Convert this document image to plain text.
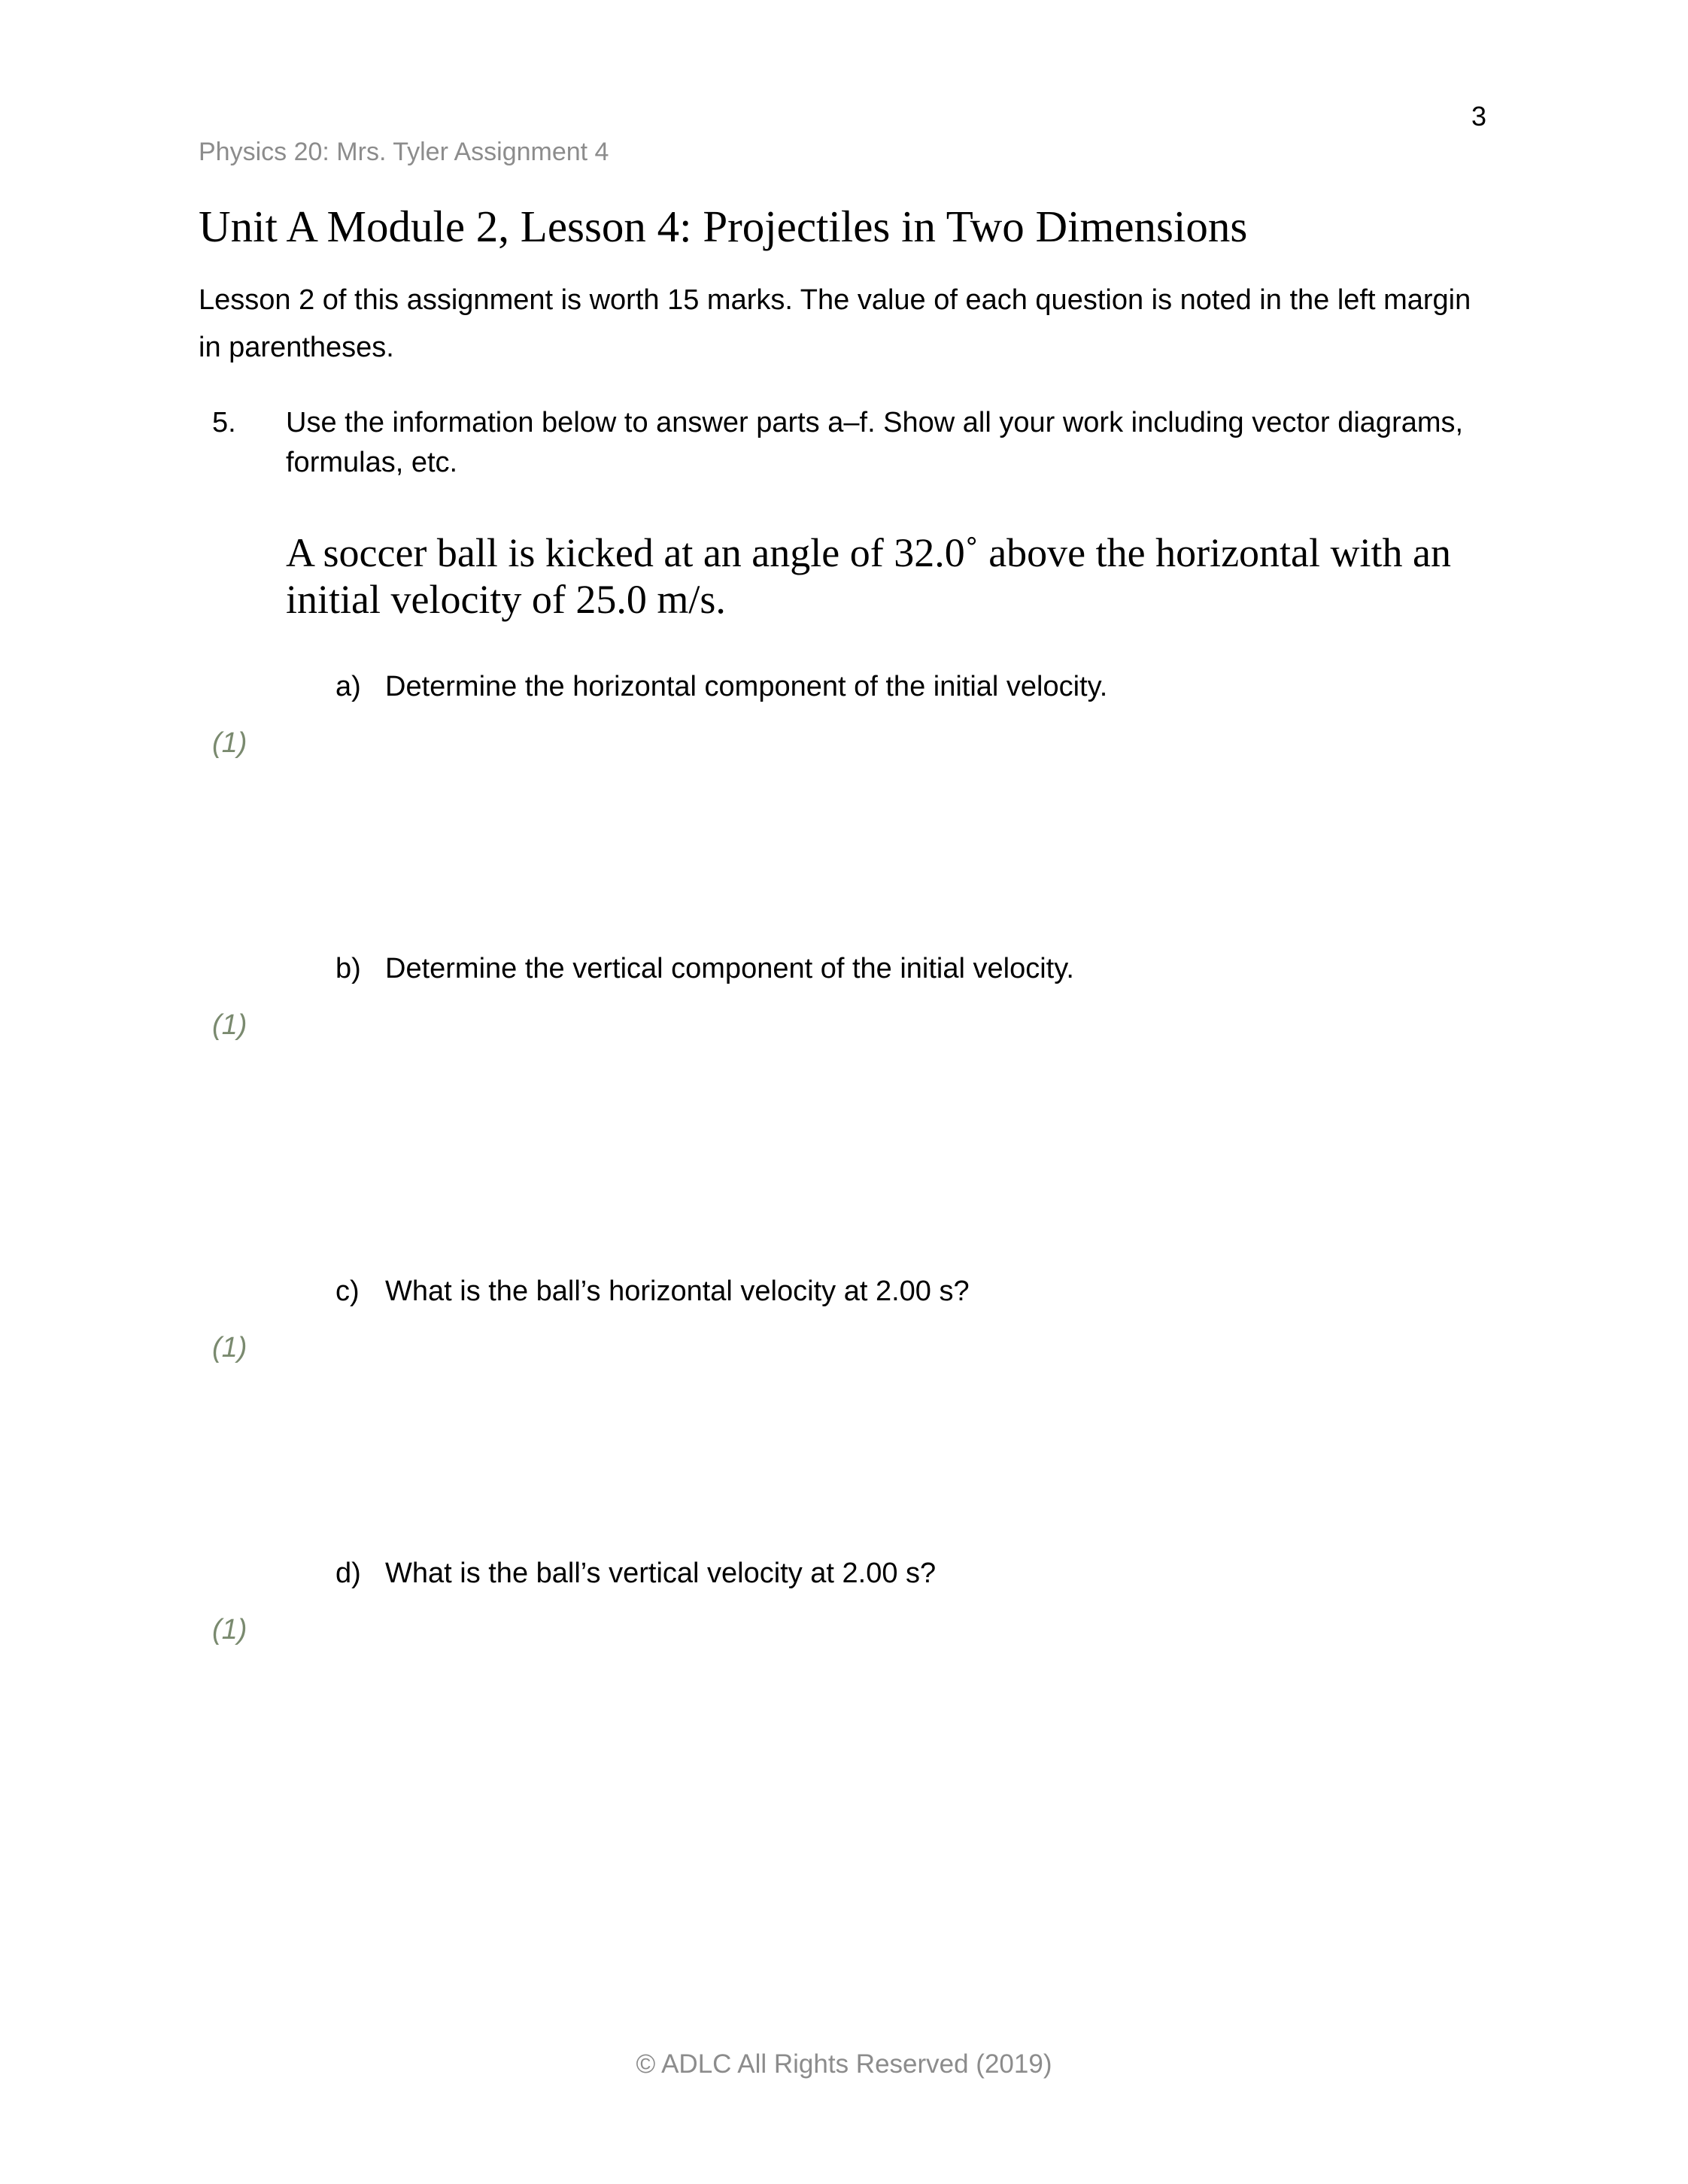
3
Physics 20: Mrs. Tyler Assignment 4
Unit A Module 2, Lesson 4: Projectiles in Two Dimensions

Lesson 2 of this assignment is worth 15 marks. The value of each question is noted in the left margin in parentheses.

5. Use the information below to answer parts a–f. Show all your work including vector diagrams, formulas, etc.

A soccer ball is kicked at an angle of 32.0˚ above the horizontal with an initial velocity of 25.0 m/s.

a) Determine the horizontal component of the initial velocity.
(1)
b) Determine the vertical component of the initial velocity.
(1)
c) What is the ball’s horizontal velocity at 2.00 s?
(1)
d) What is the ball’s vertical velocity at 2.00 s?
(1)
© ADLC All Rights Reserved (2019)
